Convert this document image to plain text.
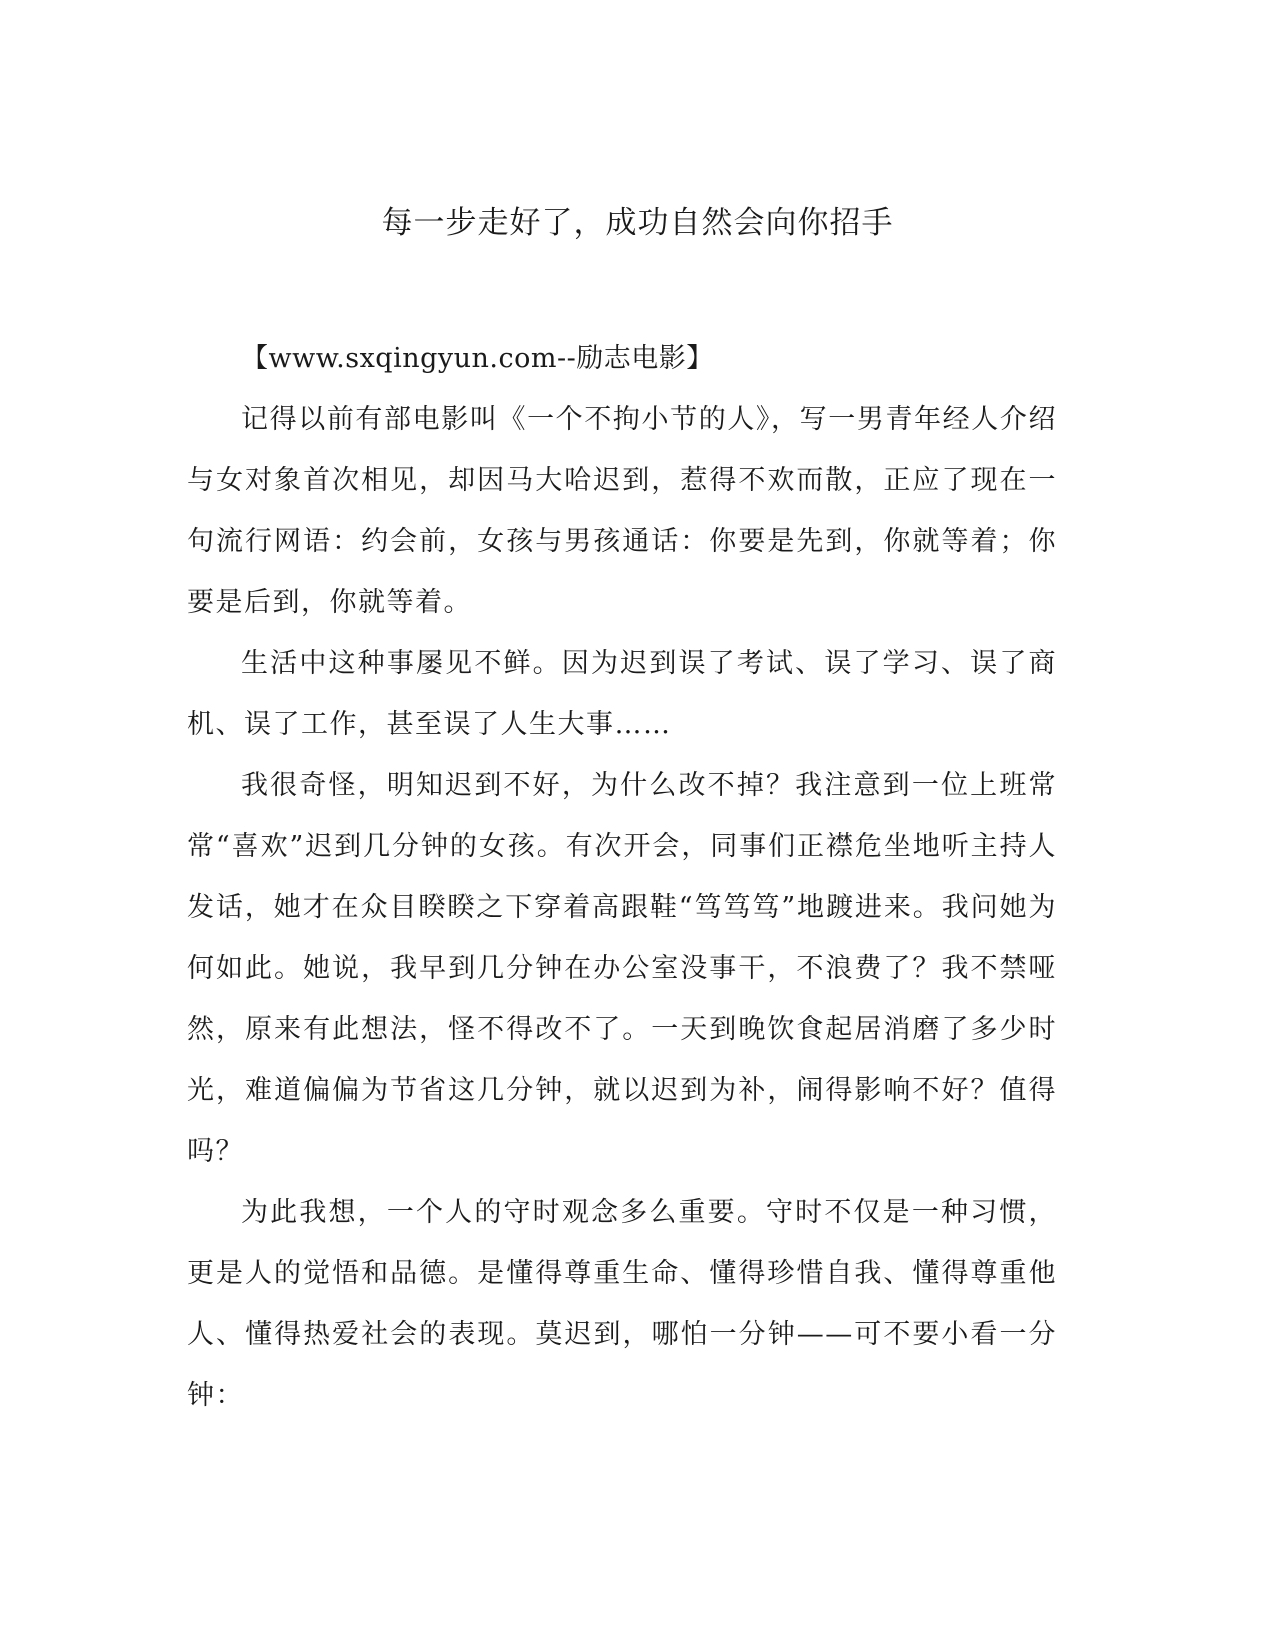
每一步走好了，成功自然会向你招手

【www.sxqingyun.com--励志电影】

记得以前有部电影叫《一个不拘小节的人》，写一男青年经人介绍与女对象首次相见，却因马大哈迟到，惹得不欢而散，正应了现在一句流行网语：约会前，女孩与男孩通话：你要是先到，你就等着；你要是后到，你就等着。

生活中这种事屡见不鲜。因为迟到误了考试、误了学习、误了商机、误了工作，甚至误了人生大事……

我很奇怪，明知迟到不好，为什么改不掉？我注意到一位上班常常“喜欢”迟到几分钟的女孩。有次开会，同事们正襟危坐地听主持人发话，她才在众目睽睽之下穿着高跟鞋“笃笃笃”地踱进来。我问她为何如此。她说，我早到几分钟在办公室没事干，不浪费了？我不禁哑然，原来有此想法，怪不得改不了。一天到晚饮食起居消磨了多少时光，难道偏偏为节省这几分钟，就以迟到为补，闹得影响不好？值得吗？

为此我想，一个人的守时观念多么重要。守时不仅是一种习惯，更是人的觉悟和品德。是懂得尊重生命、懂得珍惜自我、懂得尊重他人、懂得热爱社会的表现。莫迟到，哪怕一分钟——可不要小看一分钟：
